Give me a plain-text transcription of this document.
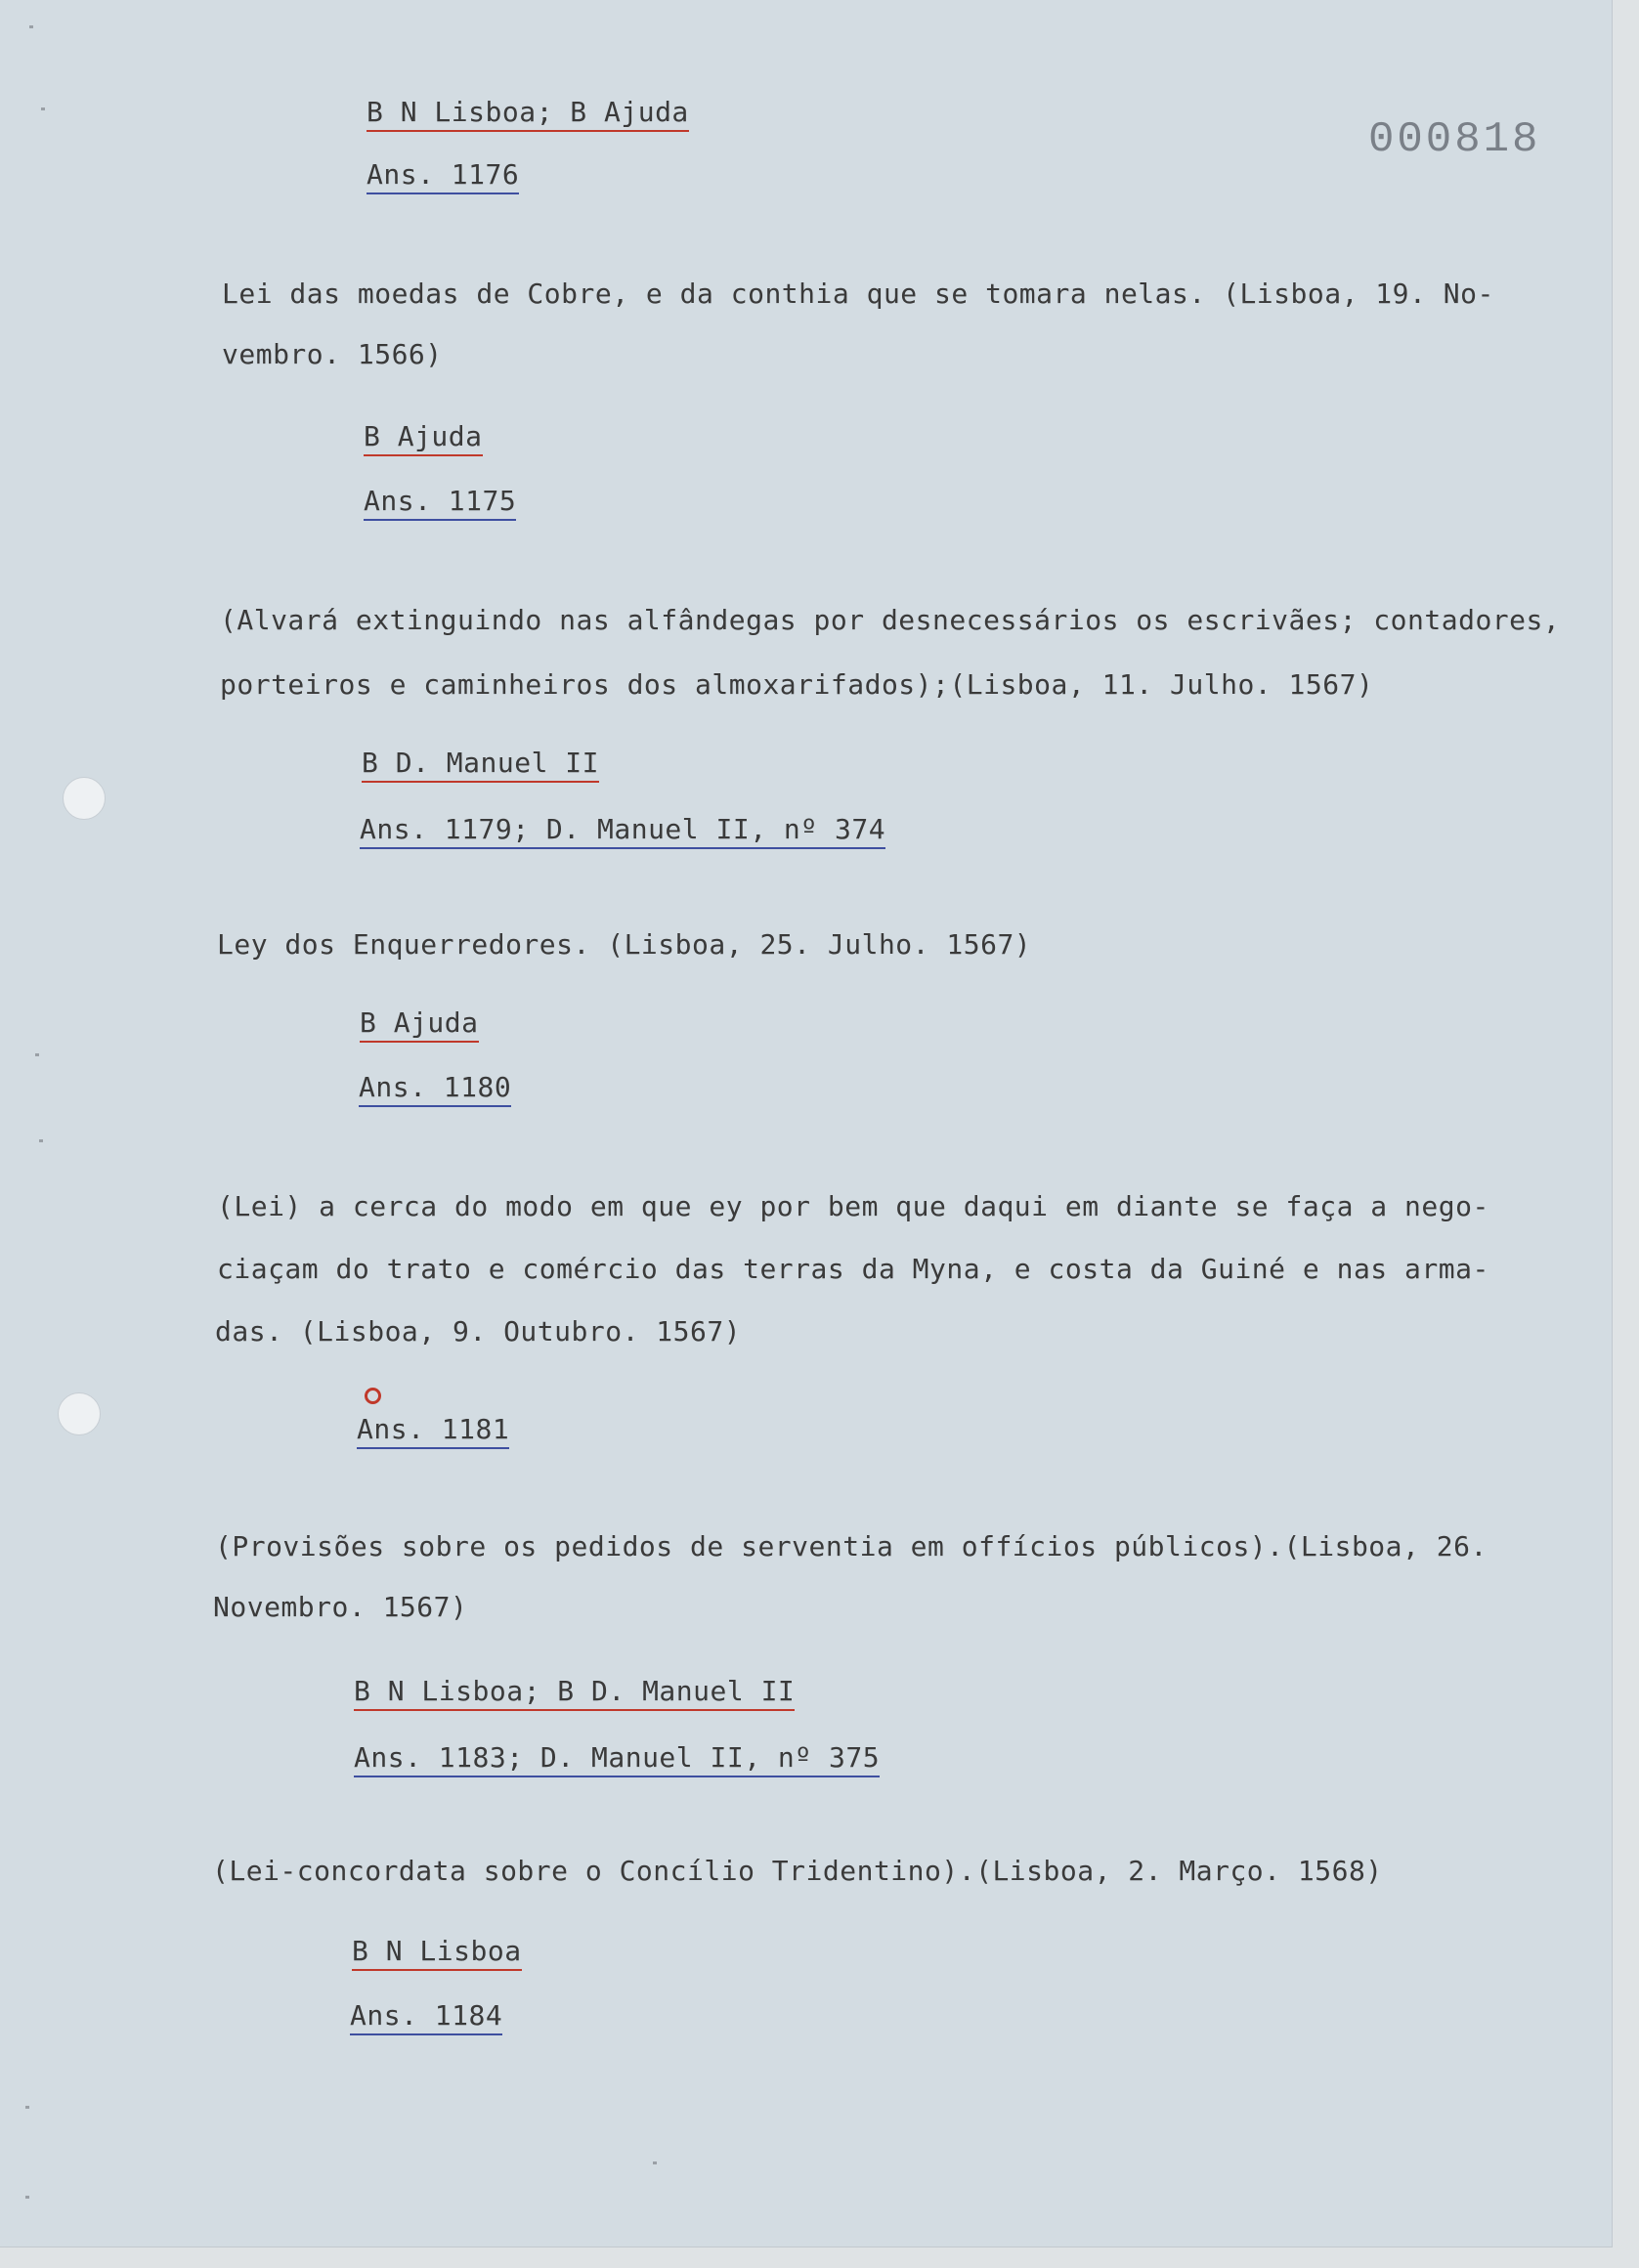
000818
B N Lisboa; B Ajuda
Ans. 1176
Lei das moedas de Cobre, e da conthia que se tomara nelas. (Lisboa, 19. No-
vembro. 1566)
B Ajuda
Ans. 1175
(Alvará extinguindo nas alfândegas por desnecessários os escrivães; contadores,
porteiros e caminheiros dos almoxarifados);(Lisboa, 11. Julho. 1567)
B D. Manuel II
Ans. 1179; D. Manuel II, nº 374
Ley dos Enquerredores. (Lisboa, 25. Julho. 1567)
B Ajuda
Ans. 1180
(Lei) a cerca do modo em que ey por bem que daqui em diante se faça a nego-
ciaçam do trato e comércio das terras da Myna, e costa da Guiné e nas arma-
das. (Lisboa, 9. Outubro. 1567)
Ans. 1181
(Provisões sobre os pedidos de serventia em offícios públicos).(Lisboa, 26.
Novembro. 1567)
B N Lisboa; B D. Manuel II
Ans. 1183; D. Manuel II, nº 375
(Lei-concordata sobre o Concílio Tridentino).(Lisboa, 2. Março. 1568)
B N Lisboa
Ans. 1184
